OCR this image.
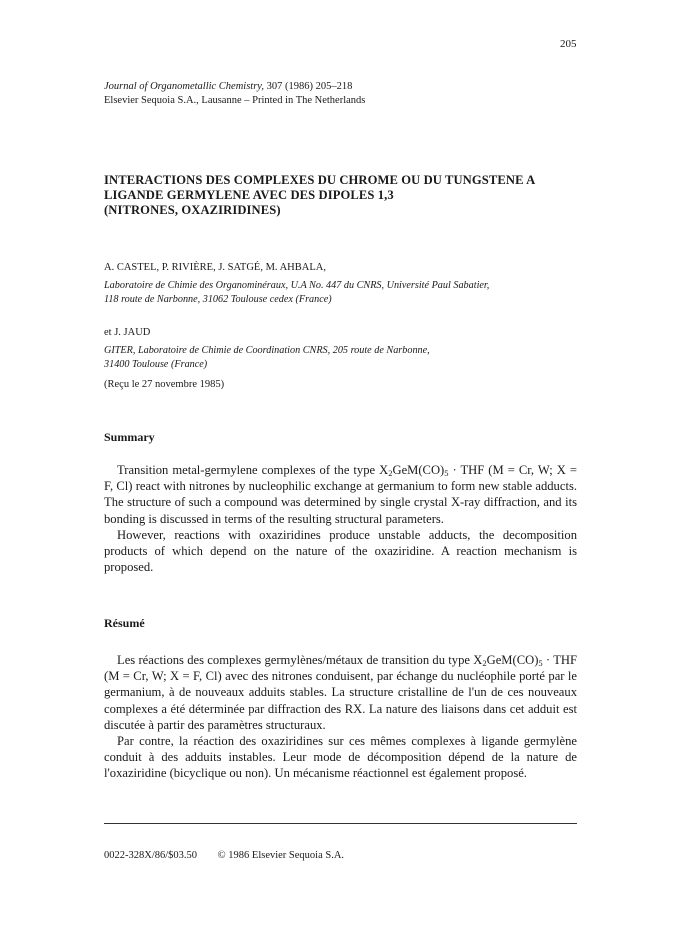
205
Journal of Organometallic Chemistry, 307 (1986) 205–218
Elsevier Sequoia S.A., Lausanne – Printed in The Netherlands
INTERACTIONS DES COMPLEXES DU CHROME OU DU TUNGSTENE A
LIGANDE GERMYLENE AVEC DES DIPOLES 1,3
(NITRONES, OXAZIRIDINES)
A. CASTEL, P. RIVIÈRE, J. SATGÉ, M. AHBALA,
Laboratoire de Chimie des Organominéraux, U.A No. 447 du CNRS, Université Paul Sabatier,
118 route de Narbonne, 31062 Toulouse cedex (France)
et J. JAUD
GITER, Laboratoire de Chimie de Coordination CNRS, 205 route de Narbonne,
31400 Toulouse (France)
(Reçu le 27 novembre 1985)
Summary

Transition metal-germylene complexes of the type $X_2GeM(CO)_5$ · THF (M = Cr, W; X = F, Cl) react with nitrones by nucleophilic exchange at germanium to form new stable adducts. The structure of such a compound was determined by single crystal X-ray diffraction, and its bonding is discussed in terms of the resulting structural parameters.

However, reactions with oxaziridines produce unstable adducts, the decomposition products of which depend on the nature of the oxaziridine. A reaction mechanism is proposed.

Résumé

Les réactions des complexes germylènes/métaux de transition du type $X_2GeM(CO)_5$ · THF (M = Cr, W; X = F, Cl) avec des nitrones conduisent, par échange du nucléophile porté par le germanium, à de nouveaux adduits stables. La structure cristalline de l'un de ces nouveaux complexes a été déterminée par diffraction des RX. La nature des liaisons dans cet adduit est discutée à partir des paramètres structuraux.

Par contre, la réaction des oxaziridines sur ces mêmes complexes à ligande germylène conduit à des adduits instables. Leur mode de décomposition dépend de la nature de l'oxaziridine (bicyclique ou non). Un mécanisme réactionnel est également proposé.

0022-328X/86/$03.50 © 1986 Elsevier Sequoia S.A.
